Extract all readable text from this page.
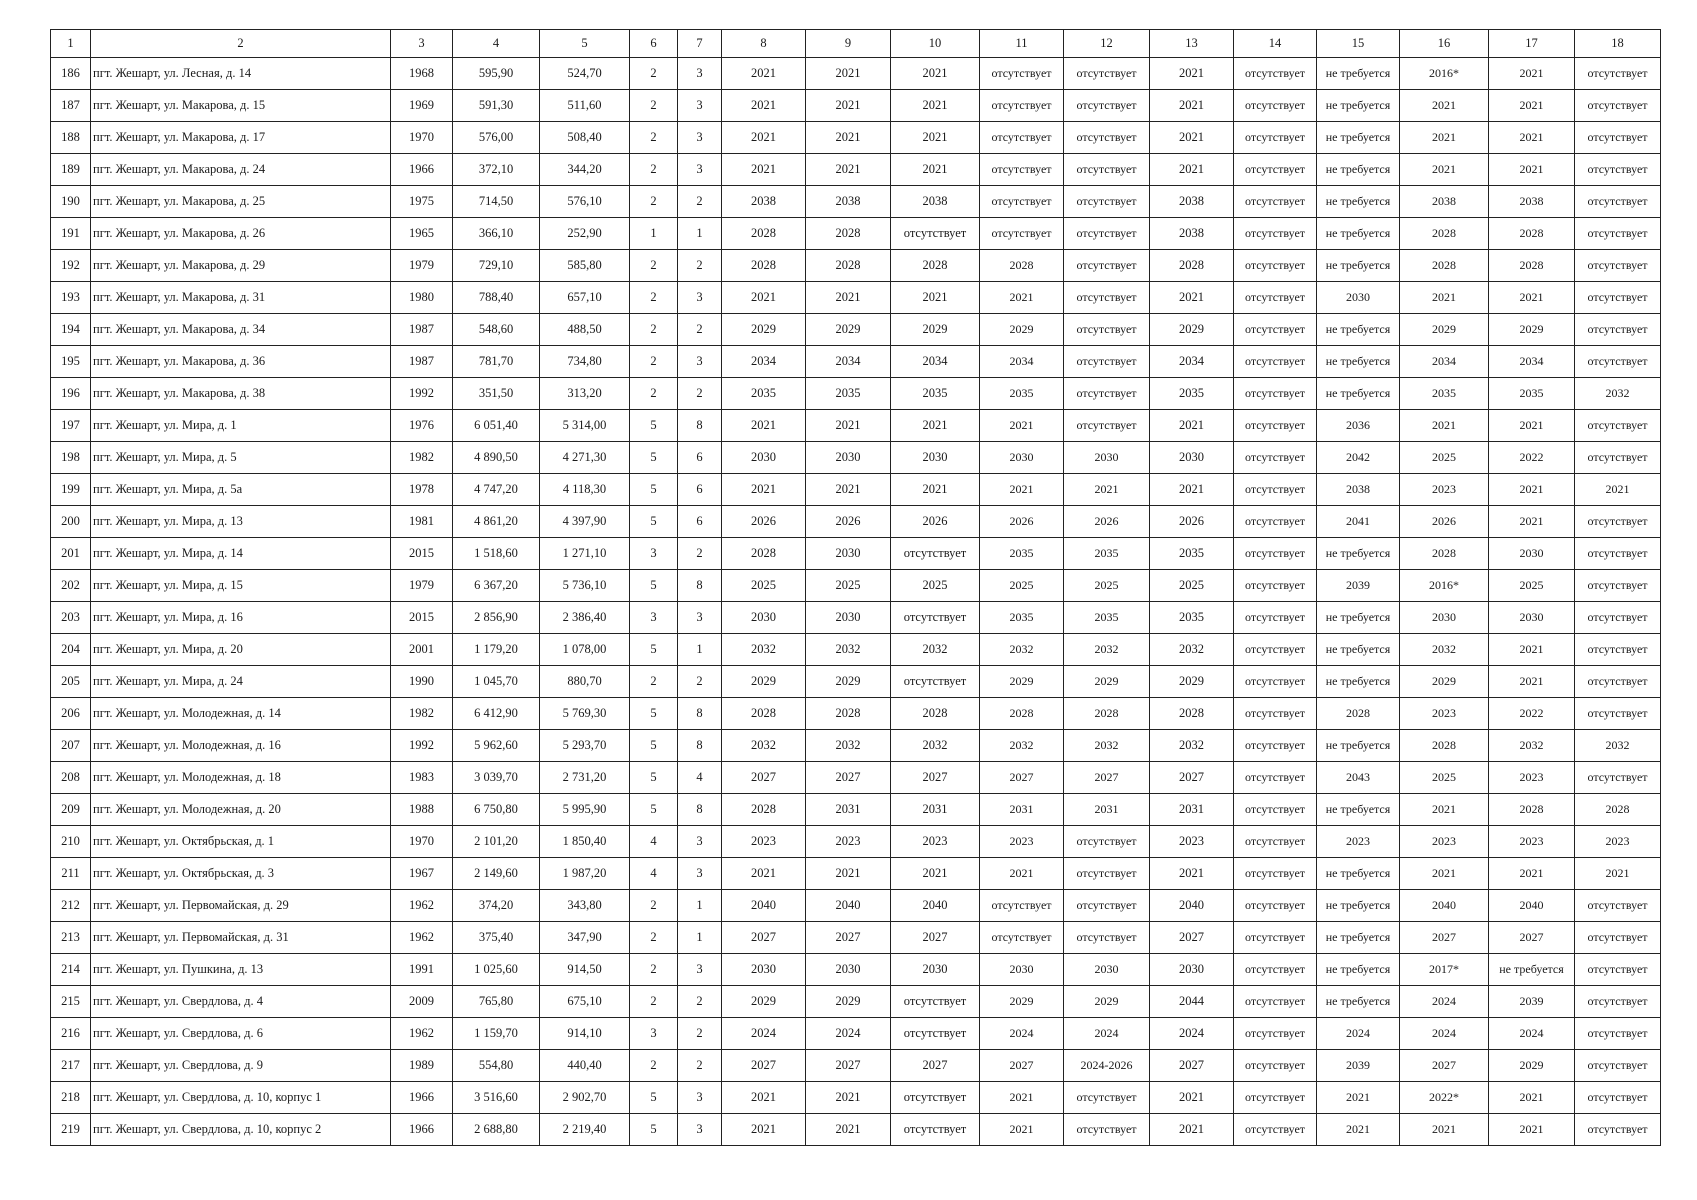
1	2	3	4	5	6	7	8	9	10	11	12	13	14	15	16	17	18
186	пгт. Жешарт, ул. Лесная, д. 14	1968	595,90	524,70	2	3	2021	2021	2021	отсутствует	отсутствует	2021	отсутствует	не требуется	2016*	2021	отсутствует
187	пгт. Жешарт, ул. Макарова, д. 15	1969	591,30	511,60	2	3	2021	2021	2021	отсутствует	отсутствует	2021	отсутствует	не требуется	2021	2021	отсутствует
188	пгт. Жешарт, ул. Макарова, д. 17	1970	576,00	508,40	2	3	2021	2021	2021	отсутствует	отсутствует	2021	отсутствует	не требуется	2021	2021	отсутствует
189	пгт. Жешарт, ул. Макарова, д. 24	1966	372,10	344,20	2	3	2021	2021	2021	отсутствует	отсутствует	2021	отсутствует	не требуется	2021	2021	отсутствует
190	пгт. Жешарт, ул. Макарова, д. 25	1975	714,50	576,10	2	2	2038	2038	2038	отсутствует	отсутствует	2038	отсутствует	не требуется	2038	2038	отсутствует
191	пгт. Жешарт, ул. Макарова, д. 26	1965	366,10	252,90	1	1	2028	2028	отсутствует	отсутствует	отсутствует	2038	отсутствует	не требуется	2028	2028	отсутствует
192	пгт. Жешарт, ул. Макарова, д. 29	1979	729,10	585,80	2	2	2028	2028	2028	2028	отсутствует	2028	отсутствует	не требуется	2028	2028	отсутствует
193	пгт. Жешарт, ул. Макарова, д. 31	1980	788,40	657,10	2	3	2021	2021	2021	2021	отсутствует	2021	отсутствует	2030	2021	2021	отсутствует
194	пгт. Жешарт, ул. Макарова, д. 34	1987	548,60	488,50	2	2	2029	2029	2029	2029	отсутствует	2029	отсутствует	не требуется	2029	2029	отсутствует
195	пгт. Жешарт, ул. Макарова, д. 36	1987	781,70	734,80	2	3	2034	2034	2034	2034	отсутствует	2034	отсутствует	не требуется	2034	2034	отсутствует
196	пгт. Жешарт, ул. Макарова, д. 38	1992	351,50	313,20	2	2	2035	2035	2035	2035	отсутствует	2035	отсутствует	не требуется	2035	2035	2032
197	пгт. Жешарт, ул. Мира, д. 1	1976	6 051,40	5 314,00	5	8	2021	2021	2021	2021	отсутствует	2021	отсутствует	2036	2021	2021	отсутствует
198	пгт. Жешарт, ул. Мира, д. 5	1982	4 890,50	4 271,30	5	6	2030	2030	2030	2030	2030	2030	отсутствует	2042	2025	2022	отсутствует
199	пгт. Жешарт, ул. Мира, д. 5а	1978	4 747,20	4 118,30	5	6	2021	2021	2021	2021	2021	2021	отсутствует	2038	2023	2021	2021
200	пгт. Жешарт, ул. Мира, д. 13	1981	4 861,20	4 397,90	5	6	2026	2026	2026	2026	2026	2026	отсутствует	2041	2026	2021	отсутствует
201	пгт. Жешарт, ул. Мира, д. 14	2015	1 518,60	1 271,10	3	2	2028	2030	отсутствует	2035	2035	2035	отсутствует	не требуется	2028	2030	отсутствует
202	пгт. Жешарт, ул. Мира, д. 15	1979	6 367,20	5 736,10	5	8	2025	2025	2025	2025	2025	2025	отсутствует	2039	2016*	2025	отсутствует
203	пгт. Жешарт, ул. Мира, д. 16	2015	2 856,90	2 386,40	3	3	2030	2030	отсутствует	2035	2035	2035	отсутствует	не требуется	2030	2030	отсутствует
204	пгт. Жешарт, ул. Мира, д. 20	2001	1 179,20	1 078,00	5	1	2032	2032	2032	2032	2032	2032	отсутствует	не требуется	2032	2021	отсутствует
205	пгт. Жешарт, ул. Мира, д. 24	1990	1 045,70	880,70	2	2	2029	2029	отсутствует	2029	2029	2029	отсутствует	не требуется	2029	2021	отсутствует
206	пгт. Жешарт, ул. Молодежная, д. 14	1982	6 412,90	5 769,30	5	8	2028	2028	2028	2028	2028	2028	отсутствует	2028	2023	2022	отсутствует
207	пгт. Жешарт, ул. Молодежная, д. 16	1992	5 962,60	5 293,70	5	8	2032	2032	2032	2032	2032	2032	отсутствует	не требуется	2028	2032	2032
208	пгт. Жешарт, ул. Молодежная, д. 18	1983	3 039,70	2 731,20	5	4	2027	2027	2027	2027	2027	2027	отсутствует	2043	2025	2023	отсутствует
209	пгт. Жешарт, ул. Молодежная, д. 20	1988	6 750,80	5 995,90	5	8	2028	2031	2031	2031	2031	2031	отсутствует	не требуется	2021	2028	2028
210	пгт. Жешарт, ул. Октябрьская, д. 1	1970	2 101,20	1 850,40	4	3	2023	2023	2023	2023	отсутствует	2023	отсутствует	2023	2023	2023	2023
211	пгт. Жешарт, ул. Октябрьская, д. 3	1967	2 149,60	1 987,20	4	3	2021	2021	2021	2021	отсутствует	2021	отсутствует	не требуется	2021	2021	2021
212	пгт. Жешарт, ул. Первомайская, д. 29	1962	374,20	343,80	2	1	2040	2040	2040	отсутствует	отсутствует	2040	отсутствует	не требуется	2040	2040	отсутствует
213	пгт. Жешарт, ул. Первомайская, д. 31	1962	375,40	347,90	2	1	2027	2027	2027	отсутствует	отсутствует	2027	отсутствует	не требуется	2027	2027	отсутствует
214	пгт. Жешарт, ул. Пушкина, д. 13	1991	1 025,60	914,50	2	3	2030	2030	2030	2030	2030	2030	отсутствует	не требуется	2017*	не требуется	отсутствует
215	пгт. Жешарт, ул. Свердлова, д. 4	2009	765,80	675,10	2	2	2029	2029	отсутствует	2029	2029	2044	отсутствует	не требуется	2024	2039	отсутствует
216	пгт. Жешарт, ул. Свердлова, д. 6	1962	1 159,70	914,10	3	2	2024	2024	отсутствует	2024	2024	2024	отсутствует	2024	2024	2024	отсутствует
217	пгт. Жешарт, ул. Свердлова, д. 9	1989	554,80	440,40	2	2	2027	2027	2027	2027	2024-2026	2027	отсутствует	2039	2027	2029	отсутствует
218	пгт. Жешарт, ул. Свердлова, д. 10, корпус 1	1966	3 516,60	2 902,70	5	3	2021	2021	отсутствует	2021	отсутствует	2021	отсутствует	2021	2022*	2021	отсутствует
219	пгт. Жешарт, ул. Свердлова, д. 10, корпус 2	1966	2 688,80	2 219,40	5	3	2021	2021	отсутствует	2021	отсутствует	2021	отсутствует	2021	2021	2021	отсутствует
